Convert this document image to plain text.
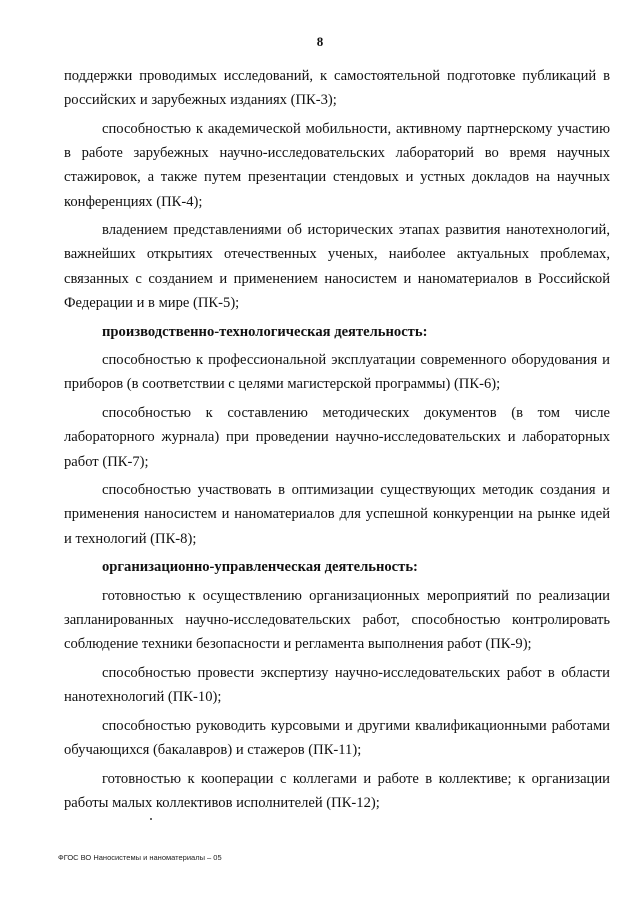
8

поддержки проводимых исследований, к самостоятельной подготовке публикаций в российских и зарубежных изданиях (ПК-3);

способностью к академической мобильности, активному партнерскому участию в работе зарубежных научно-исследовательских лабораторий во время научных стажировок, а также путем презентации стендовых и устных докладов на научных конференциях (ПК-4);

владением представлениями об исторических этапах развития нанотехнологий, важнейших открытиях отечественных ученых, наиболее актуальных проблемах, связанных с созданием и применением наносистем и наноматериалов в Российской Федерации и в мире (ПК-5);

производственно-технологическая деятельность:

способностью к профессиональной эксплуатации современного оборудования и приборов (в соответствии с целями магистерской программы) (ПК-6);

способностью к составлению методических документов (в том числе лабораторного журнала) при проведении научно-исследовательских и лабораторных работ (ПК-7);

способностью участвовать в оптимизации существующих методик создания и применения наносистем и наноматериалов для успешной конкуренции на рынке идей и технологий (ПК-8);

организационно-управленческая деятельность:

готовностью к осуществлению организационных мероприятий по реализации запланированных научно-исследовательских работ, способностью контролировать соблюдение техники безопасности и регламента выполнения работ (ПК-9);

способностью провести экспертизу научно-исследовательских работ в области нанотехнологий (ПК-10);

способностью руководить курсовыми и другими квалификационными работами обучающихся (бакалавров) и стажеров (ПК-11);

готовностью к кооперации с коллегами и работе в коллективе; к организации работы малых коллективов исполнителей (ПК-12);

ФГОС ВО Наносистемы и наноматериалы – 05
